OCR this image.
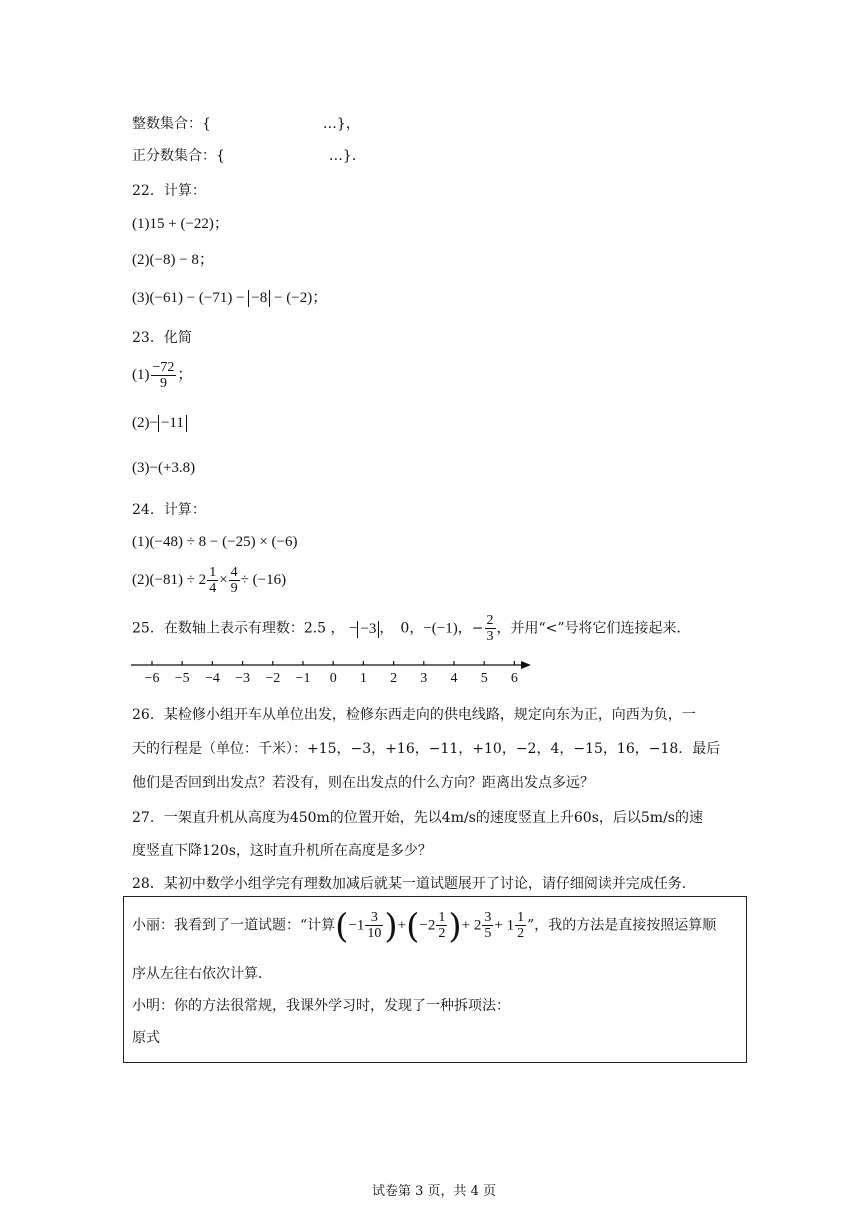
整数集合：{	…}，
正分数集合：{	…}．
22．计算：
(1)15 + (−22)；
(2)(−8) − 8；
(3)(−61) − (−71) − −8 − (−2)；
23．化简
$(1) \frac{-72}{9}$ ；
(2)− −11
(3)−(+3.8)
24．计算：
(1)(−48) ÷ 8 − (−25) × (−6)
$(2)(-81) \div 2 \frac{1}{4} \times \frac{4}{9} \div (-16)$
25．在数轴上表示有理数：2.5 ， − −3 ，　0，−(−1)，− $\frac{2}{3}$ ，并用“<”号将它们连接起来．
−6 −5 −4 −3 −2 −1 0 1 2 3 4 5 6
26．某检修小组开车从单位出发，检修东西走向的供电线路，规定向东为正，向西为负，一
天的行程是（单位：千米）：+15，−3，+16，−11，+10，−2，4，−15，16，−18．最后
他们是否回到出发点？若没有，则在出发点的什么方向？距离出发点多远？
27．一架直升机从高度为450m的位置开始，先以4m/s的速度竖直上升60s，后以5m/s的速
度竖直下降120s，这时直升机所在高度是多少？
28．某初中数学小组学完有理数加减后就某一道试题展开了讨论，请仔细阅读并完成任务．
小丽：我看到了一道试题：“计算$(-1 \frac{3}{10} )+(-2 \frac{1}{2}$ )+ $2 \frac{3}{5} + 1 \frac{1}{2}$ ”，我的方法是直接按照运算顺
序从左往右依次计算．
小明：你的方法很常规，我课外学习时，发现了一种拆项法：
原式
试卷第 3 页，共 4 页
